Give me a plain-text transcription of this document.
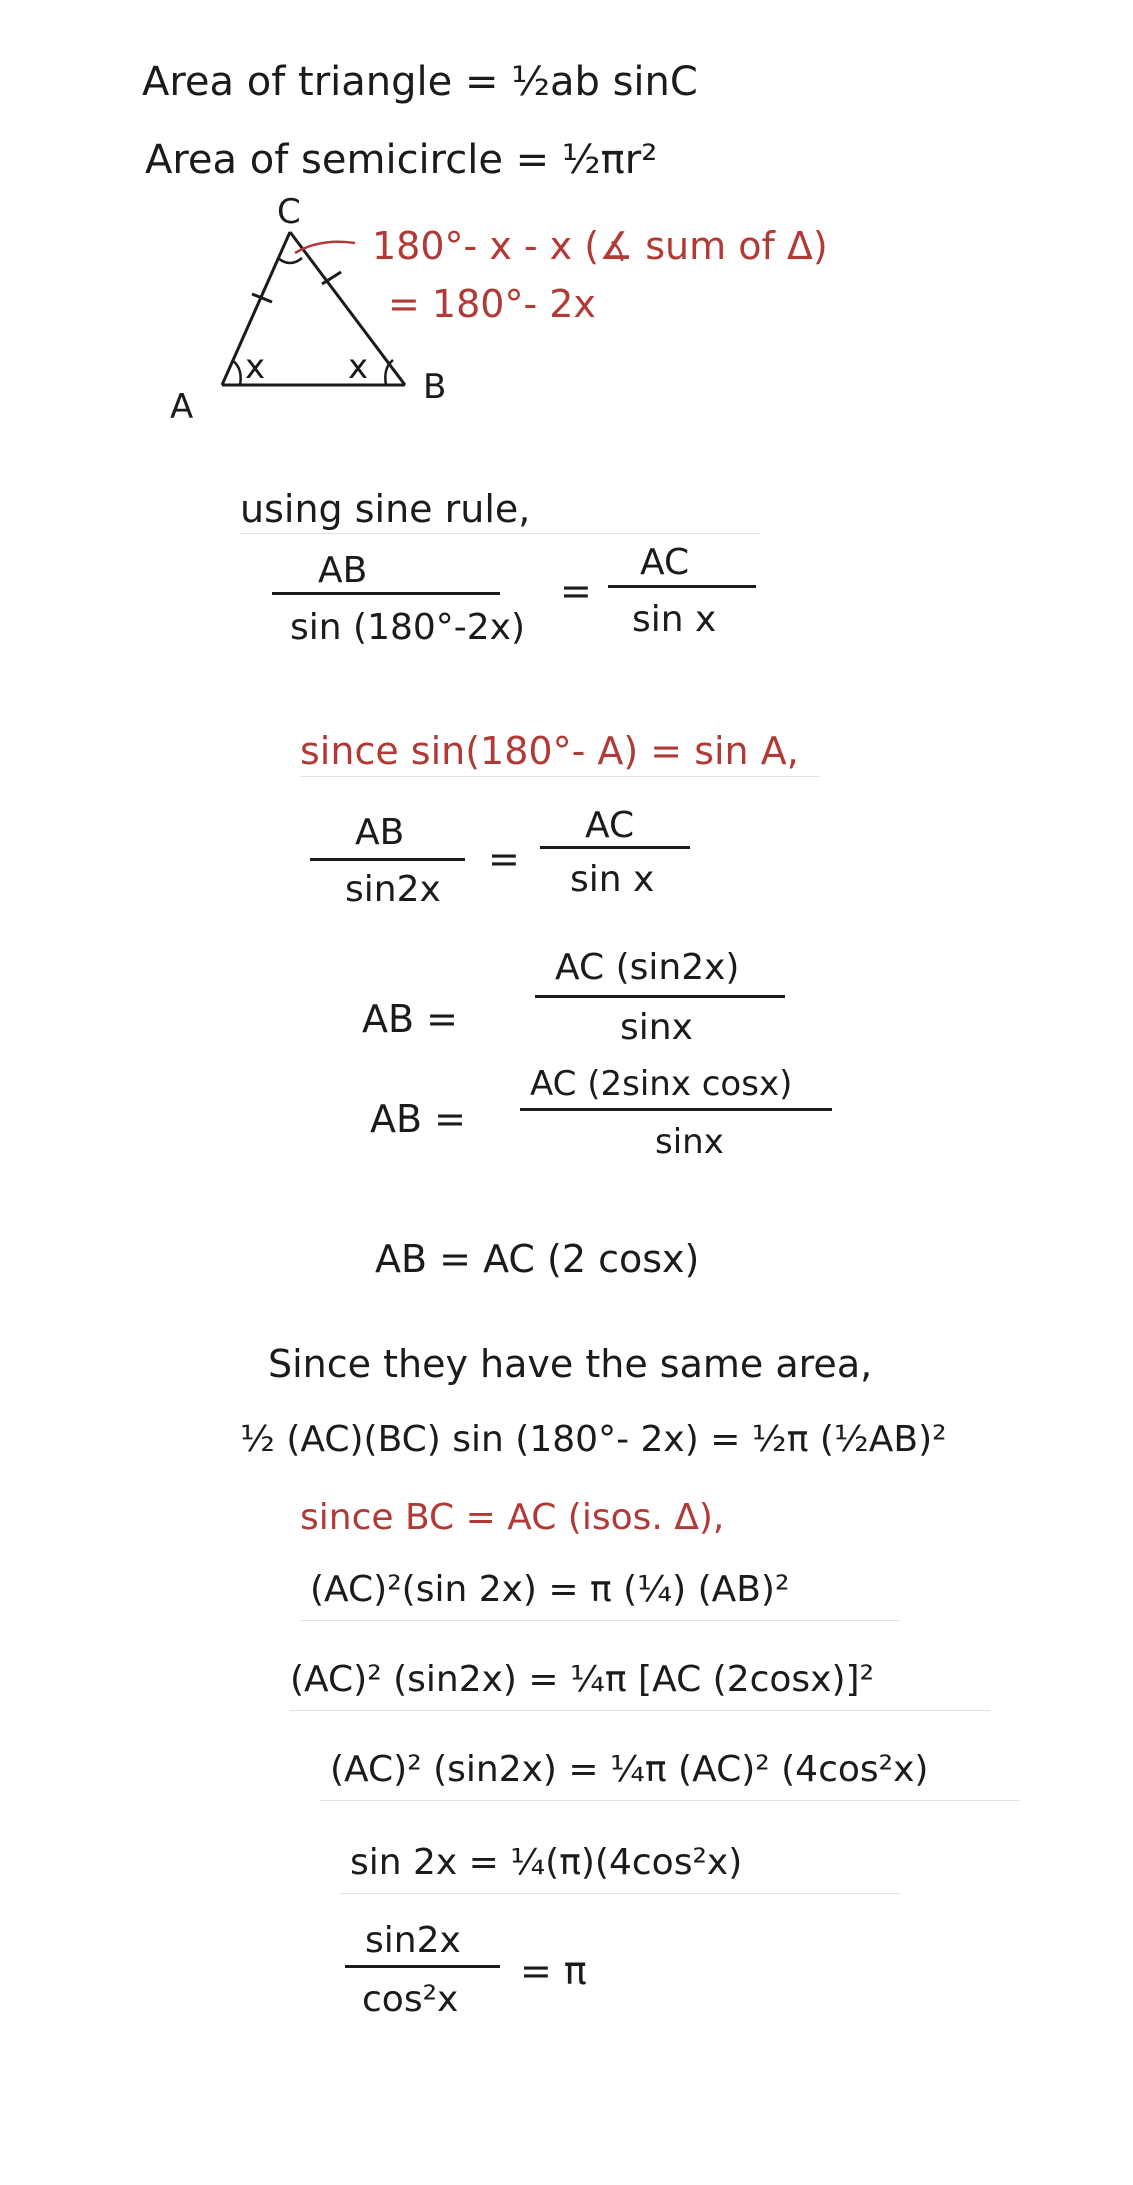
Area of triangle = ½ab sinC
Area of semicircle = ½πr²
C
A	B
x x
180°- x - x (∡ sum of Δ)
= 180°- 2x
using sine rule,
AB
sin (180°-2x)
=
AC
sin x
since sin(180°- A) = sin A,
AB
sin2x
=
AC
sin x
AB =
AC (sin2x)
sinx
AB =
AC (2sinx cosx)
sinx
AB = AC (2 cosx)
Since they have the same area,
½ (AC)(BC) sin (180°- 2x) = ½π (½AB)²
since BC = AC (isos. Δ),
(AC)²(sin 2x) = π (¼) (AB)²
(AC)² (sin2x) = ¼π [AC (2cosx)]²
(AC)² (sin2x) = ¼π (AC)² (4cos²x)
sin 2x = ¼(π)(4cos²x)
sin2x
cos²x
= π
